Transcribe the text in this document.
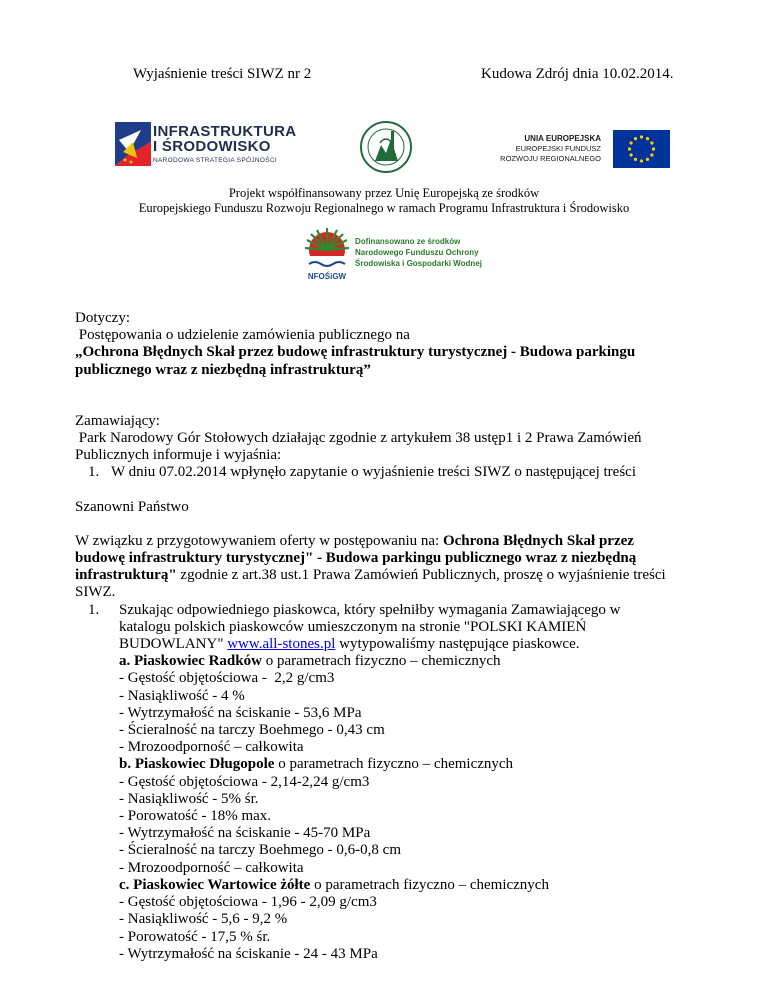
Wyjaśnienie treści SIWZ nr 2	Kudowa Zdrój dnia 10.02.2014.
INFRASTRUKTURA
I ŚRODOWISKO
NARODOWA STRATEGIA SPÓJNOŚCI
UNIA EUROPEJSKA
EUROPEJSKI FUNDUSZ
ROZWOJU REGIONALNEGO
Projekt współfinansowany przez Unię Europejską ze środków
Europejskiego Funduszu Rozwoju Regionalnego w ramach Programu Infrastruktura i Środowisko
NFOŚiGW
Dofinansowano ze środków
Narodowego Funduszu Ochrony
Środowiska i Gospodarki Wodnej

Dotyczy:

Postępowania o udzielenie zamówienia publicznego na

„Ochrona Błędnych Skał przez budowę infrastruktury turystycznej - Budowa parkingu

publicznego wraz z niezbędną infrastrukturą”

Zamawiający:

Park Narodowy Gór Stołowych działając zgodnie z artykułem 38 ustęp1 i 2 Prawa Zamówień

Publicznych informuje i wyjaśnia:

1. W dniu 07.02.2014 wpłynęło zapytanie o wyjaśnienie treści SIWZ o następującej treści

Szanowni Państwo

W związku z przygotowywaniem oferty w postępowaniu na: Ochrona Błędnych Skał przez

budowę infrastruktury turystycznej" - Budowa parkingu publicznego wraz z niezbędną

infrastrukturą" zgodnie z art.38 ust.1 Prawa Zamówień Publicznych, proszę o wyjaśnienie treści

SIWZ.

1.	Szukając odpowiedniego piaskowca, który spełniłby wymagania Zamawiającego w

katalogu polskich piaskowców umieszczonym na stronie "POLSKI KAMIEŃ

BUDOWLANY" www.all-stones.pl wytypowaliśmy następujące piaskowce.

a. Piaskowiec Radków o parametrach fizyczno – chemicznych

- Gęstość objętościowa -  2,2 g/cm3

- Nasiąkliwość - 4 %

- Wytrzymałość na ściskanie - 53,6 MPa

- Ścieralność na tarczy Boehmego - 0,43 cm

- Mrozoodporność – całkowita

b. Piaskowiec Długopole o parametrach fizyczno – chemicznych

- Gęstość objętościowa - 2,14-2,24 g/cm3

- Nasiąkliwość - 5% śr.

- Porowatość - 18% max.

- Wytrzymałość na ściskanie - 45-70 MPa

- Ścieralność na tarczy Boehmego - 0,6-0,8 cm

- Mrozoodporność – całkowita

c. Piaskowiec Wartowice żółte o parametrach fizyczno – chemicznych

- Gęstość objętościowa - 1,96 - 2,09 g/cm3

- Nasiąkliwość - 5,6 - 9,2 %

- Porowatość - 17,5 % śr.

- Wytrzymałość na ściskanie - 24 - 43 MPa
